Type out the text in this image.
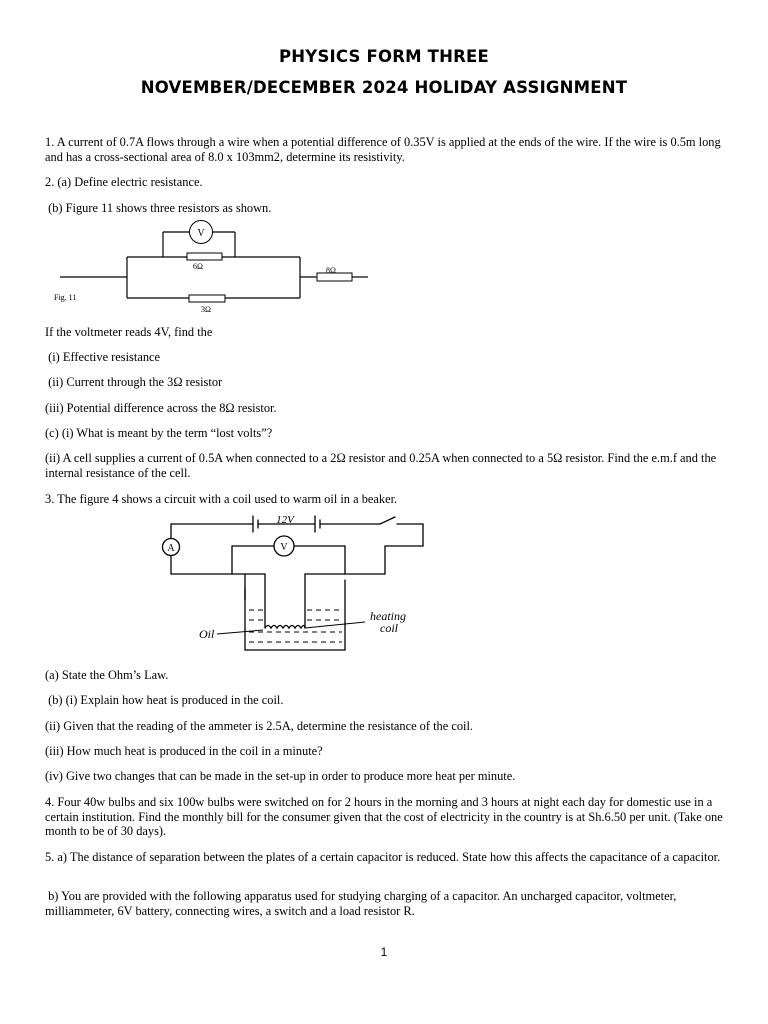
PHYSICS FORM THREE
NOVEMBER/DECEMBER 2024 HOLIDAY ASSIGNMENT
1. A current of 0.7A flows through a wire when a potential difference of 0.35V is applied at the ends of the wire. If the wire is 0.5m long and has a cross-sectional area of 8.0 x 103mm2, determine its resistivity.
2. (a) Define electric resistance.
(b) Figure 11 shows three resistors as shown.
V
6Ω
3Ω
8Ω
Fig. 11
If the voltmeter reads 4V, find the
(i) Effective resistance
(ii) Current through the 3Ω resistor
(iii) Potential difference across the 8Ω resistor.
(c) (i) What is meant by the term “lost volts”?
(ii) A cell supplies a current of 0.5A when connected to a 2Ω resistor and 0.25A when connected to a 5Ω resistor. Find the e.m.f and the internal resistance of the cell.
3. The figure 4 shows a circuit with a coil used to warm oil in a beaker.
A	V
12V
Oil
heating
coil
(a) State the Ohm’s Law.
(b) (i) Explain how heat is produced in the coil.
(ii) Given that the reading of the ammeter is 2.5A, determine the resistance of the coil.
(iii) How much heat is produced in the coil in a minute?
(iv) Give two changes that can be made in the set-up in order to produce more heat per minute.
4. Four 40w bulbs and six 100w bulbs were switched on for 2 hours in the morning and 3 hours at night each day for domestic use in a certain institution. Find the monthly bill for the consumer given that the cost of electricity in the country is at Sh.6.50 per unit. (Take one month to be of 30 days).
5. a) The distance of separation between the plates of a certain capacitor is reduced. State how this affects the capacitance of a capacitor.
b) You are provided with the following apparatus used for studying charging of a capacitor. An uncharged capacitor, voltmeter, milliammeter, 6V battery, connecting wires, a switch and a load resistor R.
1
